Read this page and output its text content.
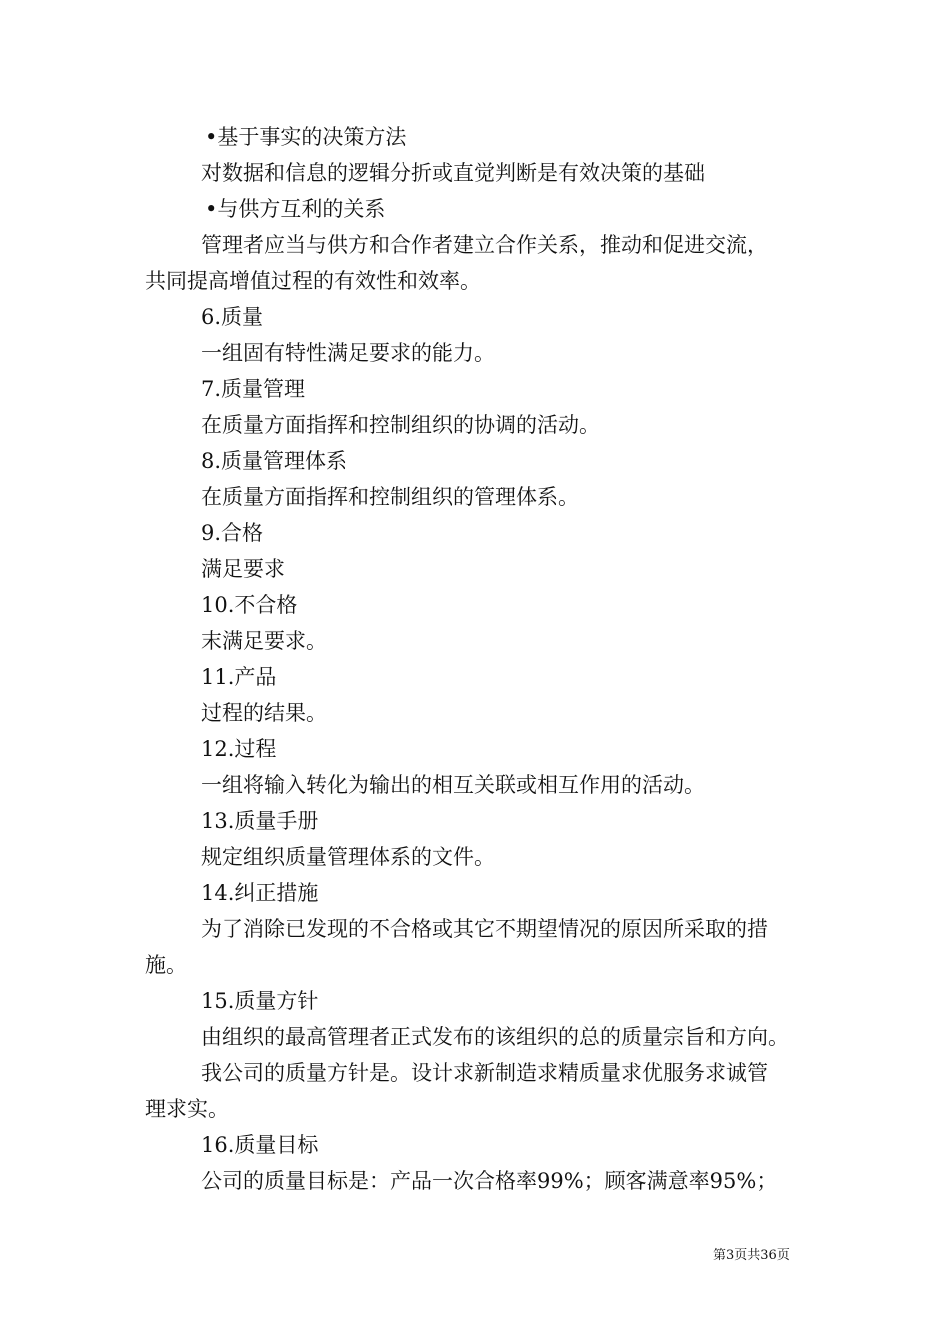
•基于事实的决策方法
对数据和信息的逻辑分折或直觉判断是有效决策的基础
•与供方互利的关系
管理者应当与供方和合作者建立合作关系，推动和促进交流，
共同提高增值过程的有效性和效率。
6.质量
一组固有特性满足要求的能力。
7.质量管理
在质量方面指挥和控制组织的协调的活动。
8.质量管理体系
在质量方面指挥和控制组织的管理体系。
9.合格
满足要求
10.不合格
末满足要求。
11.产品
过程的结果。
12.过程
一组将输入转化为输出的相互关联或相互作用的活动。
13.质量手册
规定组织质量管理体系的文件。
14.纠正措施
为了消除已发现的不合格或其它不期望情况的原因所采取的措
施。
15.质量方针
由组织的最高管理者正式发布的该组织的总的质量宗旨和方向。
我公司的质量方针是。设计求新制造求精质量求优服务求诚管
理求实。
16.质量目标
公司的质量目标是：产品一次合格率99%；顾客满意率95%；
第3页共36页
